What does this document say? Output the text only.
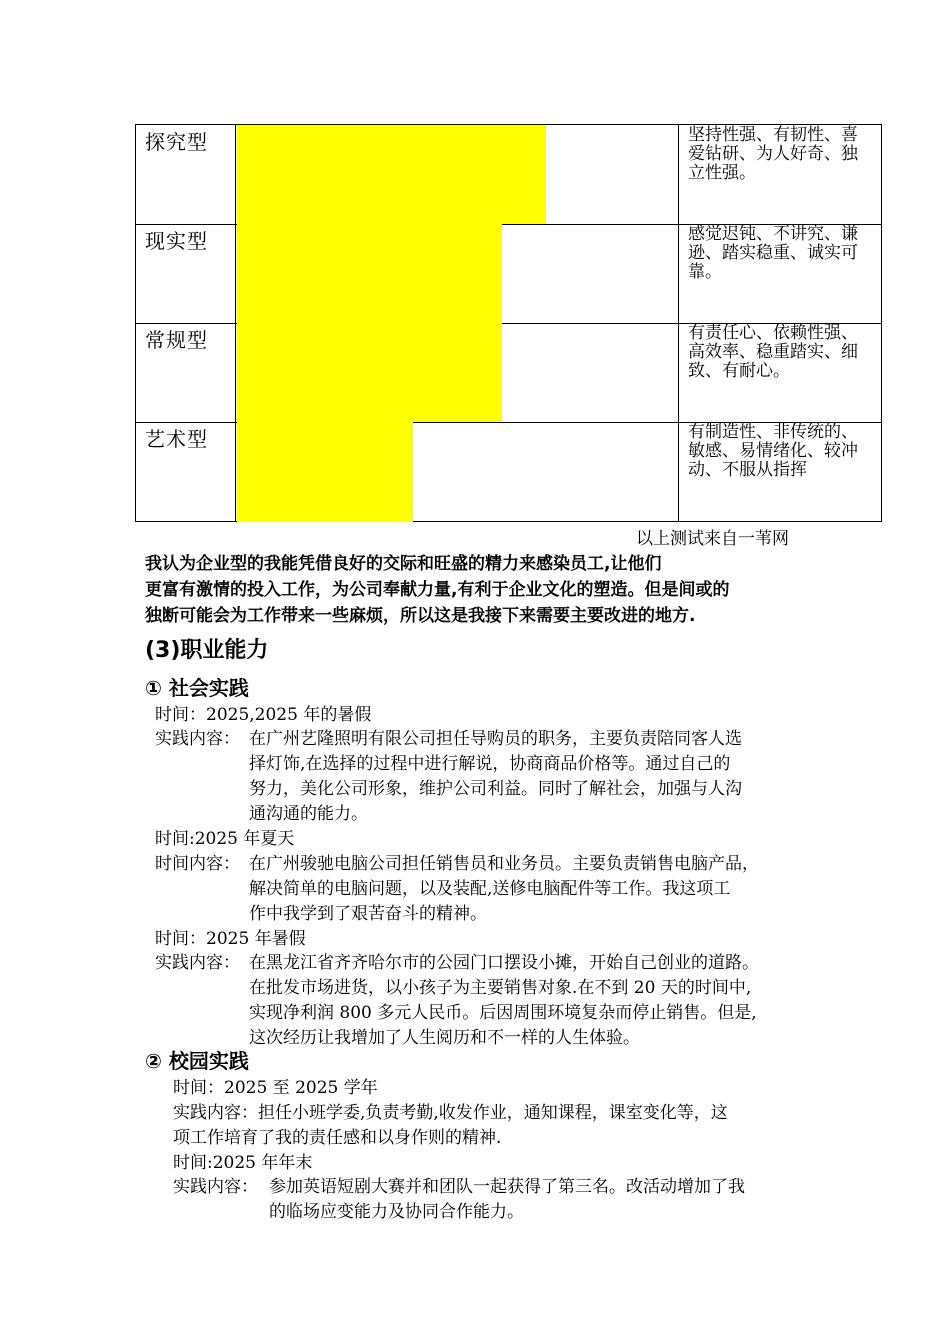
探究型	坚持性强、有韧性、喜爱钻研、为人好奇、独立性强。
现实型	感觉迟钝、不讲究、谦逊、踏实稳重、诚实可靠。
常规型	有责任心、依赖性强、高效率、稳重踏实、细致、有耐心。
艺术型	有制造性、非传统的、敏感、易情绪化、较冲动、不服从指挥
以上测试来自一苇网
我认为企业型的我能凭借良好的交际和旺盛的精力来感染员工,让他们
更富有激情的投入工作，为公司奉献力量,有利于企业文化的塑造。但是间或的
独断可能会为工作带来一些麻烦，所以这是我接下来需要主要改进的地方.
(3)职业能力
① 社会实践
时间：2025,2025 年的暑假
实践内容： 在广州艺隆照明有限公司担任导购员的职务，主要负责陪同客人选
择灯饰,在选择的过程中进行解说，协商商品价格等。通过自己的
努力，美化公司形象，维护公司利益。同时了解社会，加强与人沟
通沟通的能力。
时间:2025 年夏天
时间内容： 在广州骏驰电脑公司担任销售员和业务员。主要负责销售电脑产品，
解决简单的电脑问题，以及装配,送修电脑配件等工作。我这项工
作中我学到了艰苦奋斗的精神。
时间：2025 年暑假
实践内容： 在黑龙江省齐齐哈尔市的公园门口摆设小摊，开始自己创业的道路。
在批发市场进货，以小孩子为主要销售对象.在不到 20 天的时间中,
实现净利润 800 多元人民币。后因周围环境复杂而停止销售。但是,
这次经历让我增加了人生阅历和不一样的人生体验。
② 校园实践
时间：2025 至 2025 学年
实践内容：担任小班学委,负责考勤,收发作业，通知课程，课室变化等，这
项工作培育了我的责任感和以身作则的精神.
时间:2025 年年末
实践内容： 参加英语短剧大赛并和团队一起获得了第三名。改活动增加了我
的临场应变能力及协同合作能力。
